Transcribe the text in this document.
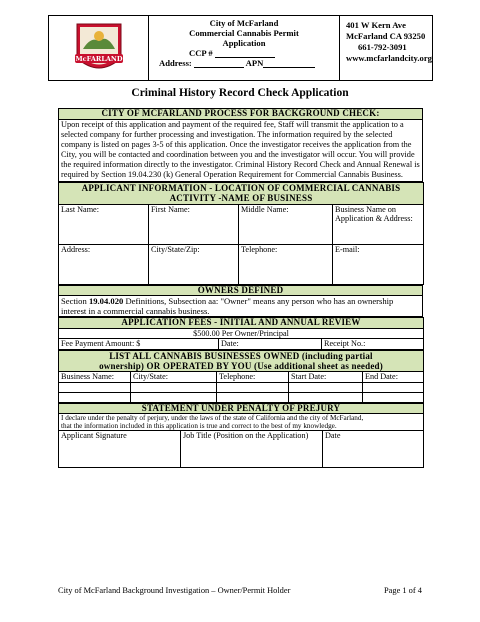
McFARLAND
City of McFarland
Commercial Cannabis Permit
Application
CCP #
Address:	APN
401 W Kern Ave
McFarland CA 93250
661-792-3091
www.mcfarlandcity.org
Criminal History Record Check Application
CITY OF MCFARLAND PROCESS FOR BACKGROUND CHECK:
Upon receipt of this application and payment of the required fee, Staff will transmit the application to a selected company for further processing and investigation. The information required by the selected company is listed on pages 3-5 of this application. Once the investigator receives the application from the City, you will be contacted and coordination between you and the investigator will occur. You will provide the required information directly to the investigator. Criminal History Record Check and Annual Renewal is required by Section 19.04.230 (k) General Operation Requirement for Commercial Cannabis Business.
APPLICANT INFORMATION - LOCATION OF COMMERCIAL CANNABIS ACTIVITY -NAME OF BUSINESS			
Last Name:	First Name:	Middle Name:	Business Name on Application & Address:
Address:	City/State/Zip:	Telephone:	E-mail:
OWNERS DEFINED
Section 19.04.020 Definitions, Subsection aa: "Owner" means any person who has an ownership interest in a commercial cannabis business.
APPLICATION FEES - INITIAL AND ANNUAL REVIEW
$500.00 Per Owner/Principal
Fee Payment Amount: $	Date:	Receipt No.:
LIST ALL CANNABIS BUSINESSES OWNED (including partial ownership) OR OPERATED BY YOU (Use additional sheet as needed)				
Business Name:	City/State:	Telephone:	Start Date:	End Date:

STATEMENT UNDER PENALTY OF PREJURY

I declare under the penalty of perjury, under the laws of the state of California and the city of McFarland,
that the information included in this application is true and correct to the best of my knowledge.

Applicant Signature	Job Title (Position on the Application)	Date
City of McFarland Background Investigation – Owner/Permit Holder	Page 1 of 4
